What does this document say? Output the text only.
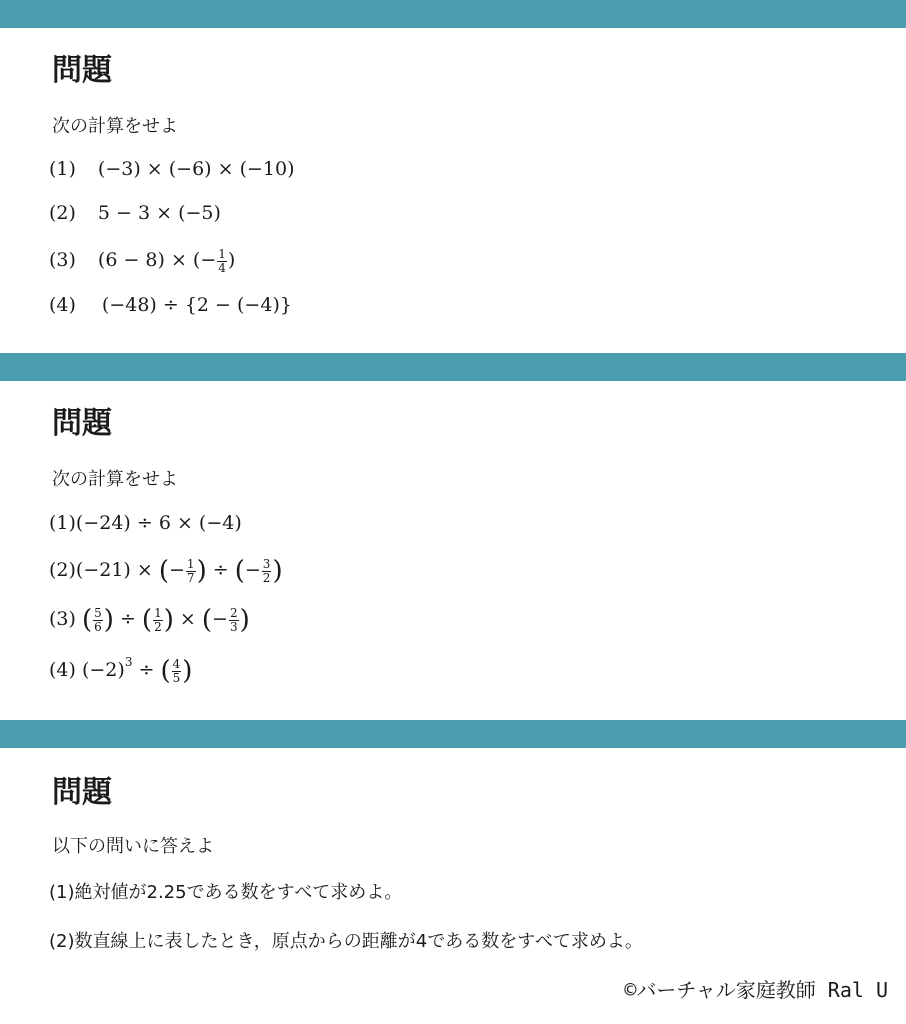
問題
次の計算をせよ
(1) (−3) × (−6) × (−10)
(2) 5 − 3 × (−5)
(3) (6 − 8) × (− $\frac{1}{4}$ )
(4) (−48) ÷ {2 − (−4)}
問題
次の計算をせよ
(1)(−24) ÷ 6 × (−4)
(2)(−21) × (− $\frac{1}{7}$ ) ÷ (− $\frac{3}{2}$ )
(3) ( $\frac{5}{6}$ ) ÷ ( $\frac{1}{2}$ ) × (− $\frac{2}{3}$ )
(4) $(-2)^3$ ÷ ( $\frac{4}{5}$ )
問題
以下の問いに答えよ
(1)絶対値が2.25である数をすべて求めよ。
(2)数直線上に表したとき，原点からの距離が4である数をすべて求めよ。
©バーチャル家庭教師 Ral U
